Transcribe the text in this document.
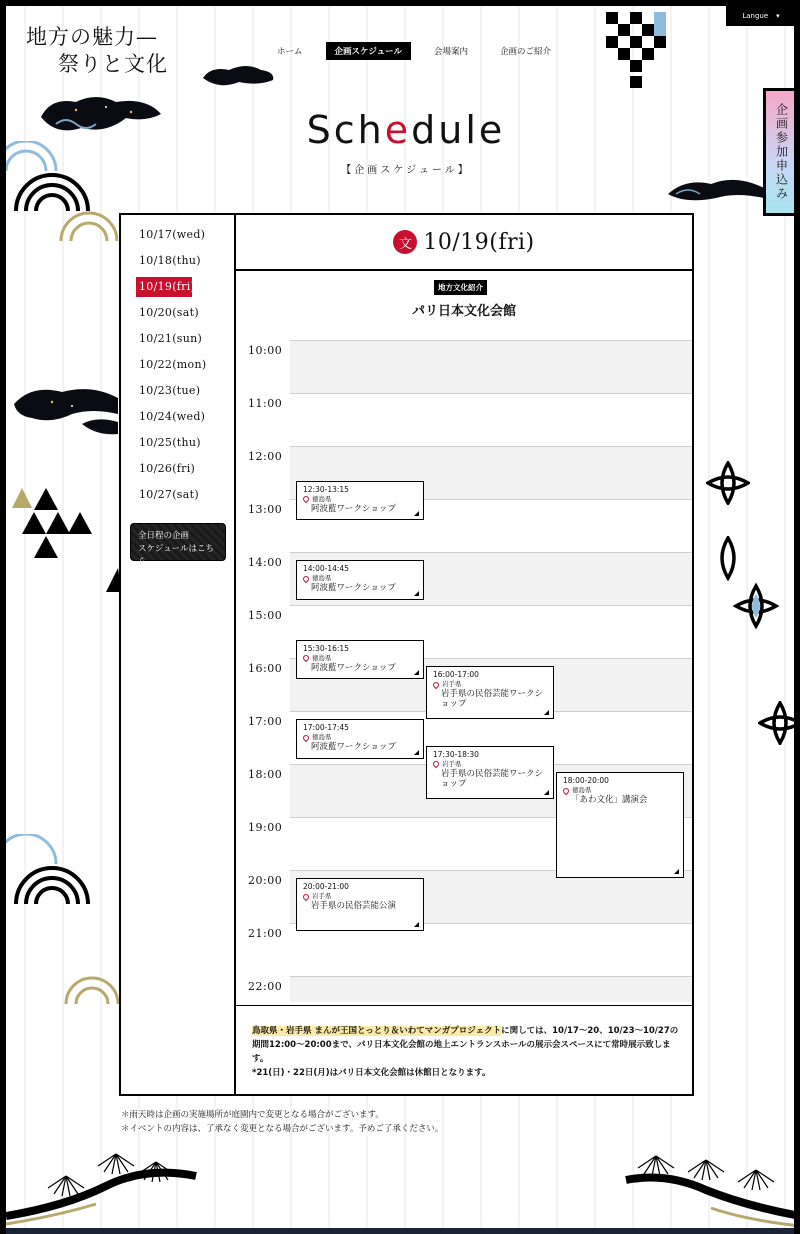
地方の魅力—
祭りと文化	ホーム	企画スケジュール	会場案内	企画のご紹介
Langue ▾
企画参加申込み
Schedule
【企画スケジュール】
10/17(wed)
10/18(thu)
10/19(fri)
10/20(sat)
10/21(sun)
10/22(mon)
10/23(tue)
10/24(wed)
10/25(thu)
10/26(fri)
10/27(sat)
全日程の企画
スケジュールはこちら
文 10/19(fri)
地方文化紹介
パリ日本文化会館
10:00
11:00
12:00
13:00
14:00
15:00
16:00
17:00
18:00
19:00
20:00
21:00
22:00
12:30-13:15
徳島県
阿波藍ワークショップ
14:00-14:45
徳島県
阿波藍ワークショップ
15:30-16:15
徳島県
阿波藍ワークショップ
16:00-17:00
岩手県
岩手県の民俗芸能ワークショップ
17:00-17:45
徳島県
阿波藍ワークショップ
17:30-18:30
岩手県
岩手県の民俗芸能ワークショップ	18:00-20:00
徳島県
「あわ文化」講演会
20:00-21:00
岩手県
岩手県の民俗芸能公演
鳥取県・岩手県 まんが王国とっとり＆いわてマンガプロジェクトに関しては、10/17〜20、10/23〜10/27の期間12:00〜20:00まで、パリ日本文化会館の地上エントランスホールの展示会スペースにて常時展示致します。
*21(日)・22日(月)はパリ日本文化会館は休館日となります。
＊雨天時は企画の実施場所が庭園内で変更となる場合がございます。
＊イベントの内容は、了承なく変更となる場合がございます。予めご了承ください。
